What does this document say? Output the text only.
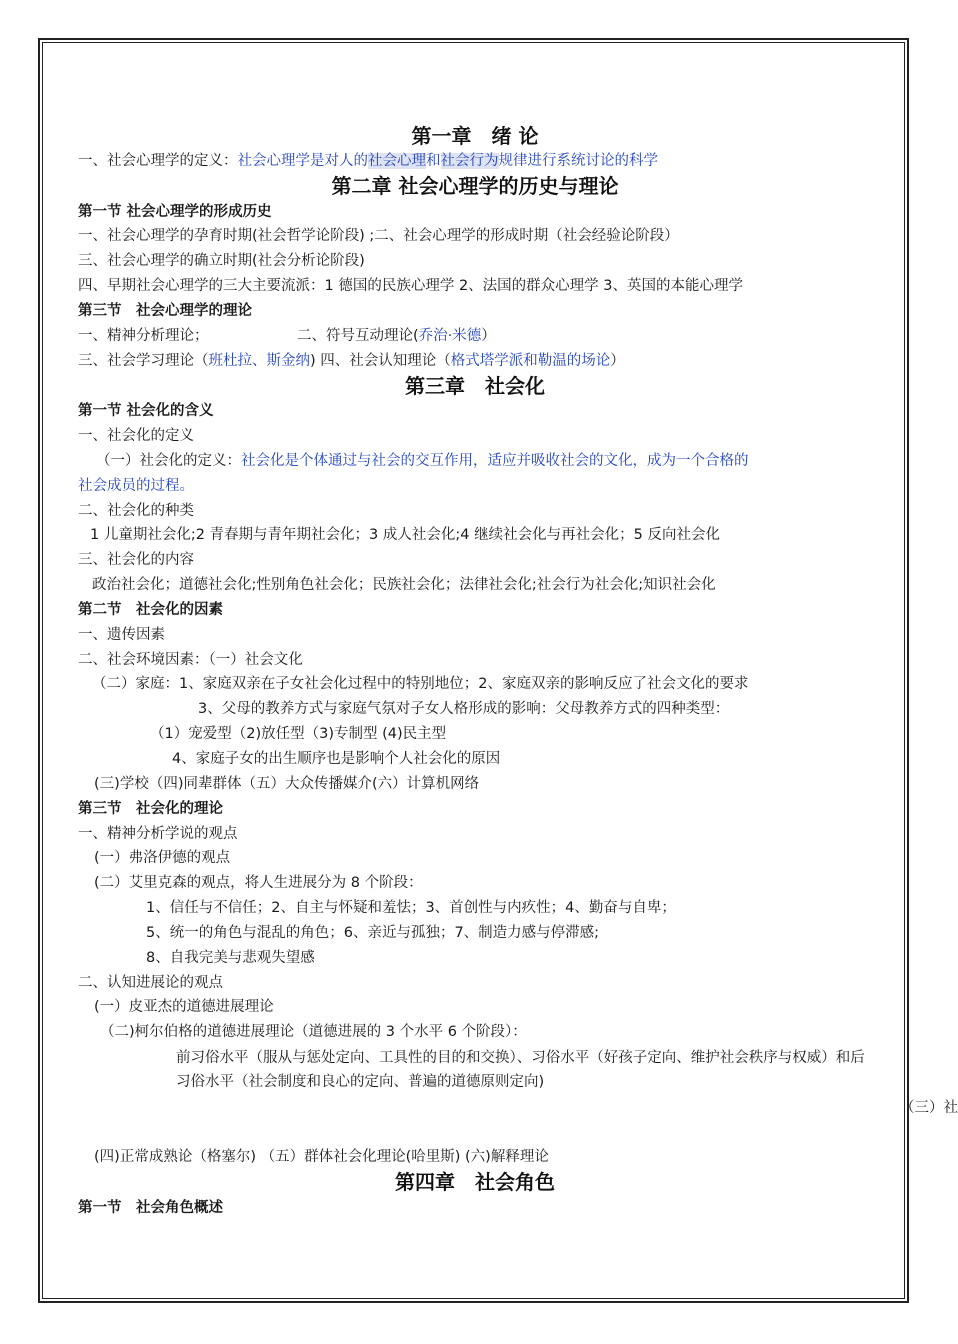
第一章　绪 论
一、社会心理学的定义：社会心理学是对人的社会心理和社会行为规律进行系统讨论的科学
第二章 社会心理学的历史与理论
第一节 社会心理学的形成历史
一、社会心理学的孕育时期(社会哲学论阶段) ;二、社会心理学的形成时期（社会经验论阶段）
三、社会心理学的确立时期(社会分析论阶段)
四、早期社会心理学的三大主要流派：1 德国的民族心理学 2、法国的群众心理学 3、英国的本能心理学
第三节　社会心理学的理论
一、精神分析理论；	二、符号互动理论(乔治·米德）
三、社会学习理论（班杜拉、斯金纳) 四、社会认知理论（格式塔学派和勒温的场论）
第三章　社会化
第一节 社会化的含义
一、社会化的定义
（一）社会化的定义：社会化是个体通过与社会的交互作用，适应并吸收社会的文化，成为一个合格的
社会成员的过程。
二、社会化的种类
1 儿童期社会化;2 青春期与青年期社会化；3 成人社会化;4 继续社会化与再社会化；5 反向社会化
三、社会化的内容
政治社会化；道德社会化;性别角色社会化；民族社会化；法律社会化;社会行为社会化;知识社会化
第二节　社会化的因素
一、遗传因素
二、社会环境因素：（一）社会文化
（二）家庭：1、家庭双亲在子女社会化过程中的特别地位；2、家庭双亲的影响反应了社会文化的要求
3、父母的教养方式与家庭气氛对子女人格形成的影响：父母教养方式的四种类型：
（1）宠爱型（2)放任型（3)专制型 (4)民主型
4、家庭子女的出生顺序也是影响个人社会化的原因
(三)学校（四)同辈群体（五）大众传播媒介(六）计算机网络
第三节　社会化的理论
一、精神分析学说的观点
(一）弗洛伊德的观点
(二）艾里克森的观点，将人生进展分为 8 个阶段：
1、信任与不信任；2、自主与怀疑和羞怯；3、首创性与内疚性；4、勤奋与自卑；
5、统一的角色与混乱的角色；6、亲近与孤独；7、制造力感与停滞感;
8、自我完美与悲观失望感
二、认知进展论的观点
(一）皮亚杰的道德进展理论
（二)柯尔伯格的道德进展理论（道德进展的 3 个水平 6 个阶段）：
前习俗水平（服从与惩处定向、工具性的目的和交换）、习俗水平（好孩子定向、维护社会秩序与权威）和后习俗水平（社会制度和良心的定向、普遍的道德原则定向)
（三）社
(四)正常成熟论（格塞尔) （五）群体社会化理论(哈里斯) (六)解释理论
第四章　社会角色
第一节　社会角色概述
